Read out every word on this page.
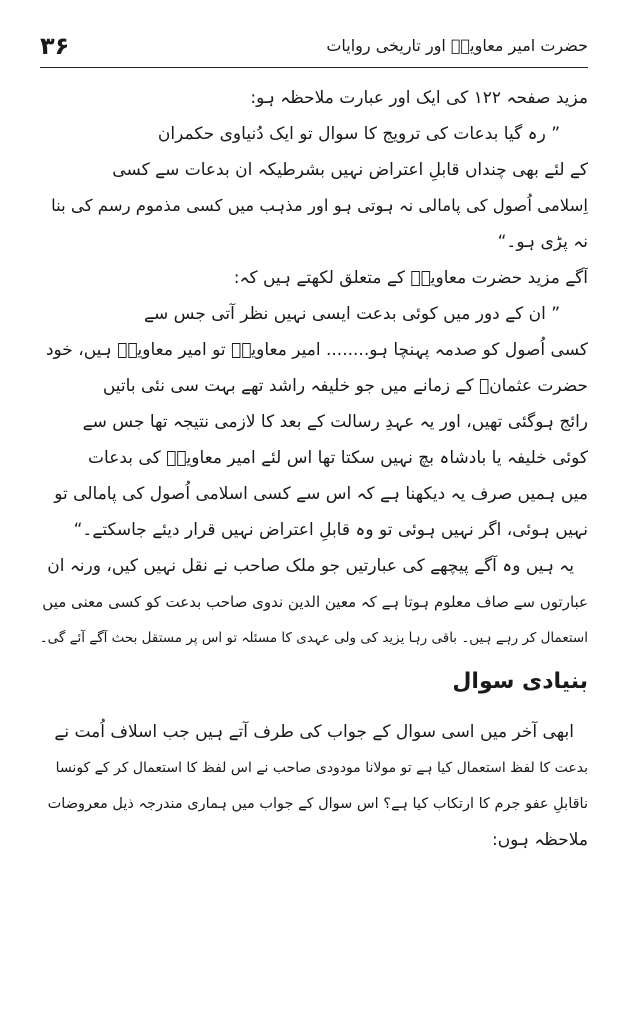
۳۶	حضرت امیر معاویہؓ اور تاریخی روایات
مزید صفحہ ۱۲۲ کی ایک اور عبارت ملاحظہ ہو:
” رہ گیا بدعات کی ترویج کا سوال تو ایک دُنیاوی حکمران
کے لئے بھی چنداں قابلِ اعتراض نہیں بشرطیکہ ان بدعات سے کسی
اِسلامی اُصول کی پامالی نہ ہوتی ہو اور مذہب میں کسی مذموم رسم کی بنا
نہ پڑی ہو۔“
آگے مزید حضرت معاویہؓ کے متعلق لکھتے ہیں کہ:
” ان کے دور میں کوئی بدعت ایسی نہیں نظر آتی جس سے
کسی اُصول کو صدمہ پہنچا ہو........ امیر معاویہؓ تو امیر معاویہؓ ہیں، خود
حضرت عثمانؓ کے زمانے میں جو خلیفہ راشد تھے بہت سی نئی باتیں
رائج ہوگئی تھیں، اور یہ عہدِ رسالت کے بعد کا لازمی نتیجہ تھا جس سے
کوئی خلیفہ یا بادشاہ بچ نہیں سکتا تھا اس لئے امیر معاویہؓ کی بدعات
میں ہمیں صرف یہ دیکھنا ہے کہ اس سے کسی اسلامی اُصول کی پامالی تو
نہیں ہوئی، اگر نہیں ہوئی تو وہ قابلِ اعتراض نہیں قرار دیئے جاسکتے۔“
یہ ہیں وہ آگے پیچھے کی عبارتیں جو ملک صاحب نے نقل نہیں کیں، ورنہ ان
عبارتوں سے صاف معلوم ہوتا ہے کہ معین الدین ندوی صاحب بدعت کو کسی معنی میں
استعمال کر رہے ہیں۔ باقی رہا یزید کی ولی عہدی کا مسئلہ تو اس پر مستقل بحث آگے آئے گی۔
بنیادی سوال
ابھی آخر میں اسی سوال کے جواب کی طرف آتے ہیں جب اسلاف اُمت نے
بدعت کا لفظ استعمال کیا ہے تو مولانا مودودی صاحب نے اس لفظ کا استعمال کر کے کونسا
ناقابلِ عفو جرم کا ارتکاب کیا ہے؟ اس سوال کے جواب میں ہماری مندرجہ ذیل معروضات
ملاحظہ ہوں:
